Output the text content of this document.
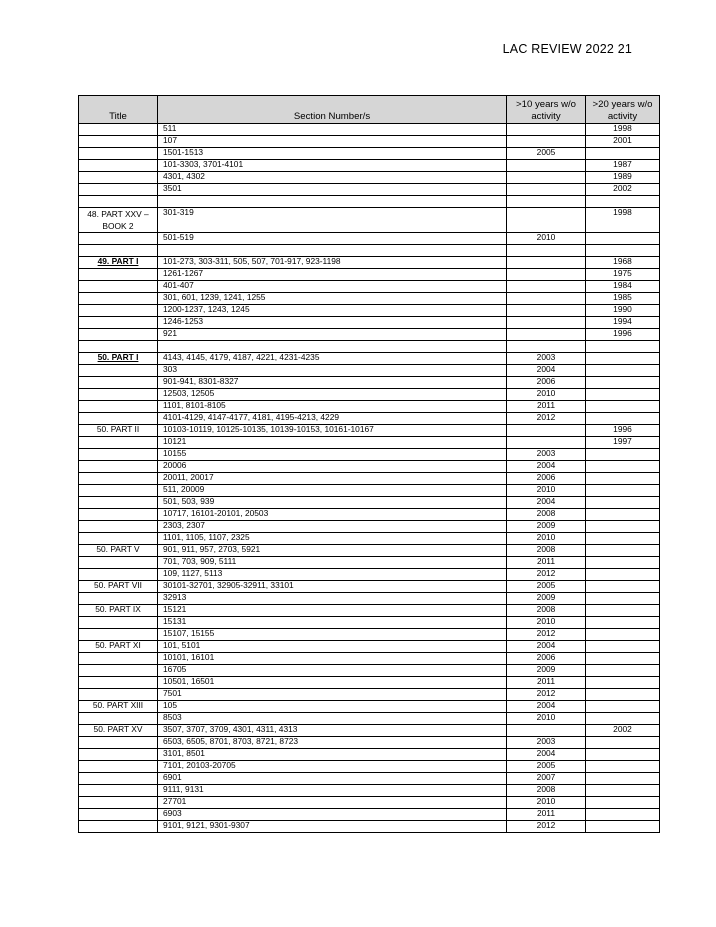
LAC REVIEW 2022 21
Title	Section Number/s	>10 years w/o activity	>20 years w/o activity
	511		1998
	107		2001
	1501-1513	2005	
	101-3303, 3701-4101		1987
	4301, 4302		1989
	3501		2002

48. PART XXV – BOOK 2	301-319		1998
	501-519	2010	

49. PART I	101-273, 303-311, 505, 507, 701-917, 923-1198		1968
	1261-1267		1975
	401-407		1984
	301, 601, 1239, 1241, 1255		1985
	1200-1237, 1243, 1245		1990
	1246-1253		1994
	921		1996

50. PART I	4143, 4145, 4179, 4187, 4221, 4231-4235	2003	
	303	2004	
	901-941, 8301-8327	2006	
	12503, 12505	2010	
	1101, 8101-8105	2011	
	4101-4129, 4147-4177, 4181, 4195-4213, 4229	2012	
50. PART II	10103-10119, 10125-10135, 10139-10153, 10161-10167		1996
	10121		1997
	10155	2003	
	20006	2004	
	20011, 20017	2006	
	511, 20009	2010	
	501, 503, 939	2004	
	10717, 16101-20101, 20503	2008	
	2303, 2307	2009	
	1101, 1105, 1107, 2325	2010	
50. PART V	901, 911, 957, 2703, 5921	2008	
	701, 703, 909, 5111	2011	
	109, 1127, 5113	2012	
50. PART VII	30101-32701, 32905-32911, 33101	2005	
	32913	2009	
50. PART IX	15121	2008	
	15131	2010	
	15107, 15155	2012	
50. PART XI	101, 5101	2004	
	10101, 16101	2006	
	16705	2009	
	10501, 16501	2011	
	7501	2012	
50. PART XIII	105	2004	
	8503	2010	
50. PART XV	3507, 3707, 3709, 4301, 4311, 4313		2002
	6503, 6505, 8701, 8703, 8721, 8723	2003	
	3101, 8501	2004	
	7101, 20103-20705	2005	
	6901	2007	
	9111, 9131	2008	
	27701	2010	
	6903	2011	
	9101, 9121, 9301-9307	2012	
